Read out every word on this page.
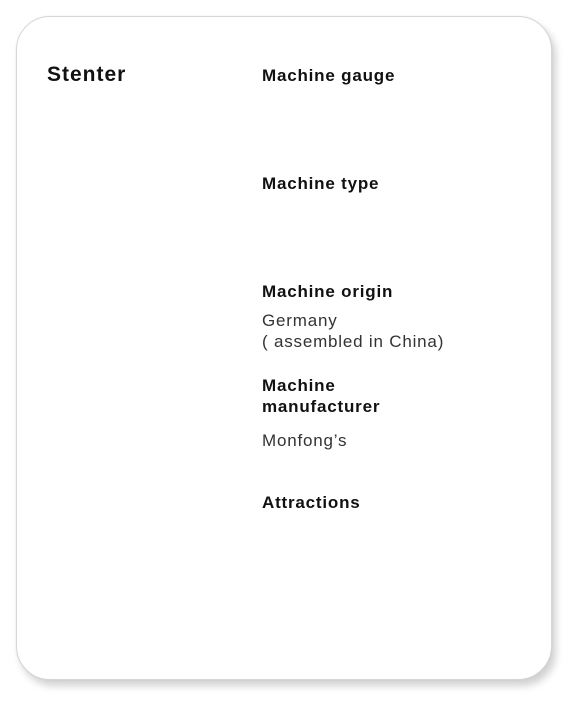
Stenter	Machine gauge
Machine type
Machine origin
Germany
( assembled in China)
Machine
manufacturer
Monfong’s
Attractions
